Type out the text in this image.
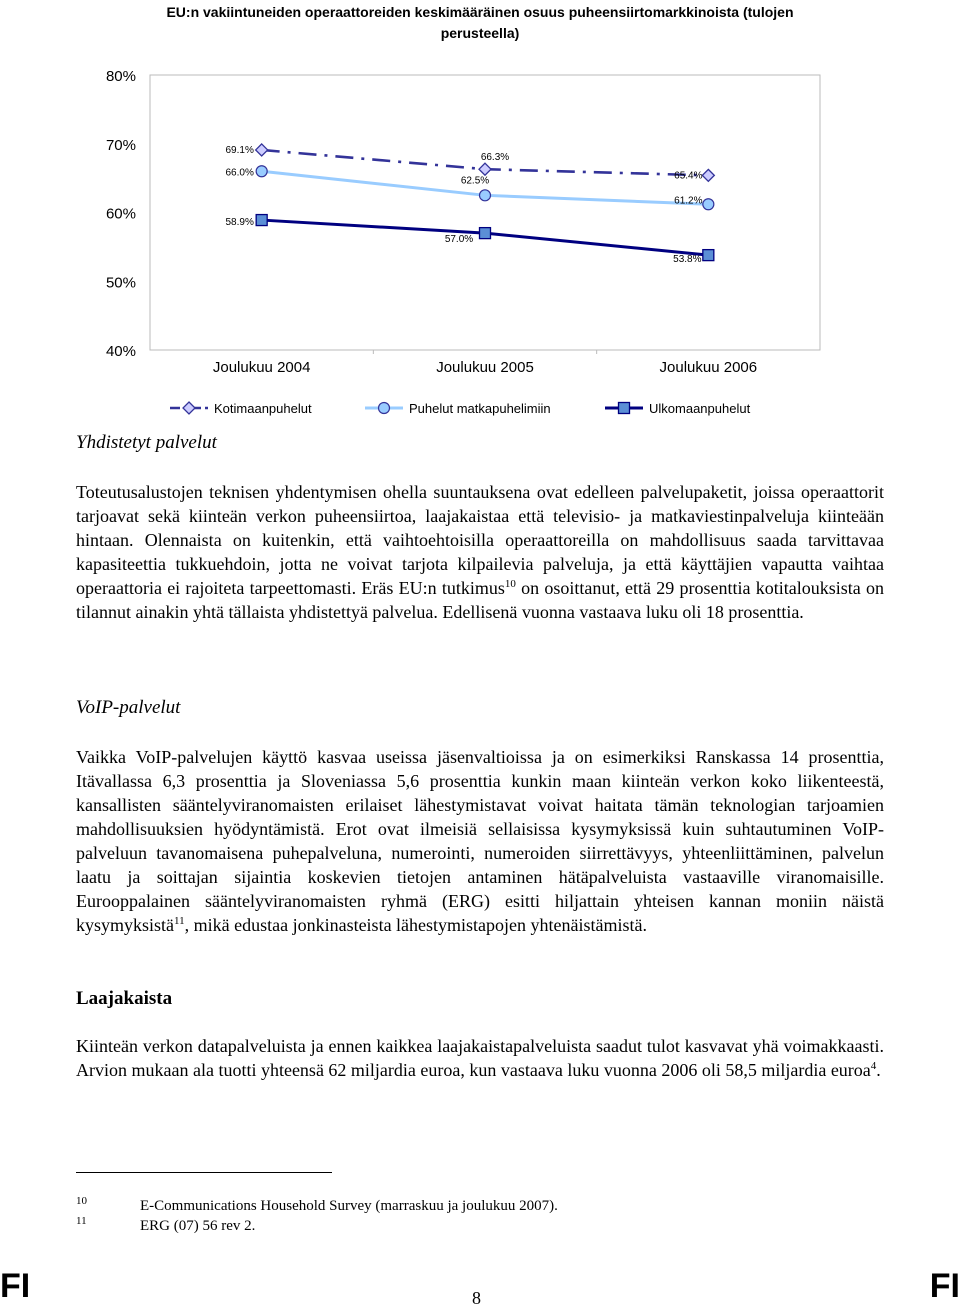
EU:n vakiintuneiden operaattoreiden keskimääräinen osuus puheensiirtomarkkinoista (tulojen perusteella)
80%
70%
60%
50%
40%
Joulukuu 2004	Joulukuu 2005	Joulukuu 2006
69.1%
66.3%
65.4%
66.0%
62.5%
61.2%
58.9%
57.0%
53.8%
Kotimaanpuhelut	Puhelut matkapuhelimiin	Ulkomaanpuhelut
Yhdistetyt palvelut

Toteutusalustojen teknisen yhdentymisen ohella suuntauksena ovat edelleen palvelupaketit, joissa operaattorit tarjoavat sekä kiinteän verkon puheensiirtoa, laajakaistaa että televisio- ja matkaviestinpalveluja kiinteään hintaan. Olennaista on kuitenkin, että vaihtoehtoisilla operaattoreilla on mahdollisuus saada tarvittavaa kapasiteettia tukkuehdoin, jotta ne voivat tarjota kilpailevia palveluja, ja että käyttäjien vapautta vaihtaa operaattoria ei rajoiteta tarpeettomasti. Eräs EU:n tutkimus$^{10}$ on osoittanut, että 29 prosenttia kotitalouksista on tilannut ainakin yhtä tällaista yhdistettyä palvelua. Edellisenä vuonna vastaava luku oli 18 prosenttia.

VoIP-palvelut

Vaikka VoIP-palvelujen käyttö kasvaa useissa jäsenvaltioissa ja on esimerkiksi Ranskassa 14 prosenttia, Itävallassa 6,3 prosenttia ja Sloveniassa 5,6 prosenttia kunkin maan kiinteän verkon koko liikenteestä, kansallisten sääntelyviranomaisten erilaiset lähestymistavat voivat haitata tämän teknologian tarjoamien mahdollisuuksien hyödyntämistä. Erot ovat ilmeisiä sellaisissa kysymyksissä kuin suhtautuminen VoIP-palveluun tavanomaisena puhepalveluna, numerointi, numeroiden siirrettävyys, yhteenliittäminen, palvelun laatu ja soittajan sijaintia koskevien tietojen antaminen hätäpalveluista vastaaville viranomaisille. Eurooppalainen sääntelyviranomaisten ryhmä (ERG) esitti hiljattain yhteisen kannan moniin näistä kysymyksistä$^{11}$, mikä edustaa jonkinasteista lähestymistapojen yhtenäistämistä.

Laajakaista

Kiinteän verkon datapalveluista ja ennen kaikkea laajakaistapalveluista saadut tulot kasvavat yhä voimakkaasti. Arvion mukaan ala tuotti yhteensä 62 miljardia euroa, kun vastaava luku vuonna 2006 oli 58,5 miljardia euroa$^4$.

10	E-Communications Household Survey (marraskuu ja joulukuu 2007).
11	ERG (07) 56 rev 2.
FI	8	FI
